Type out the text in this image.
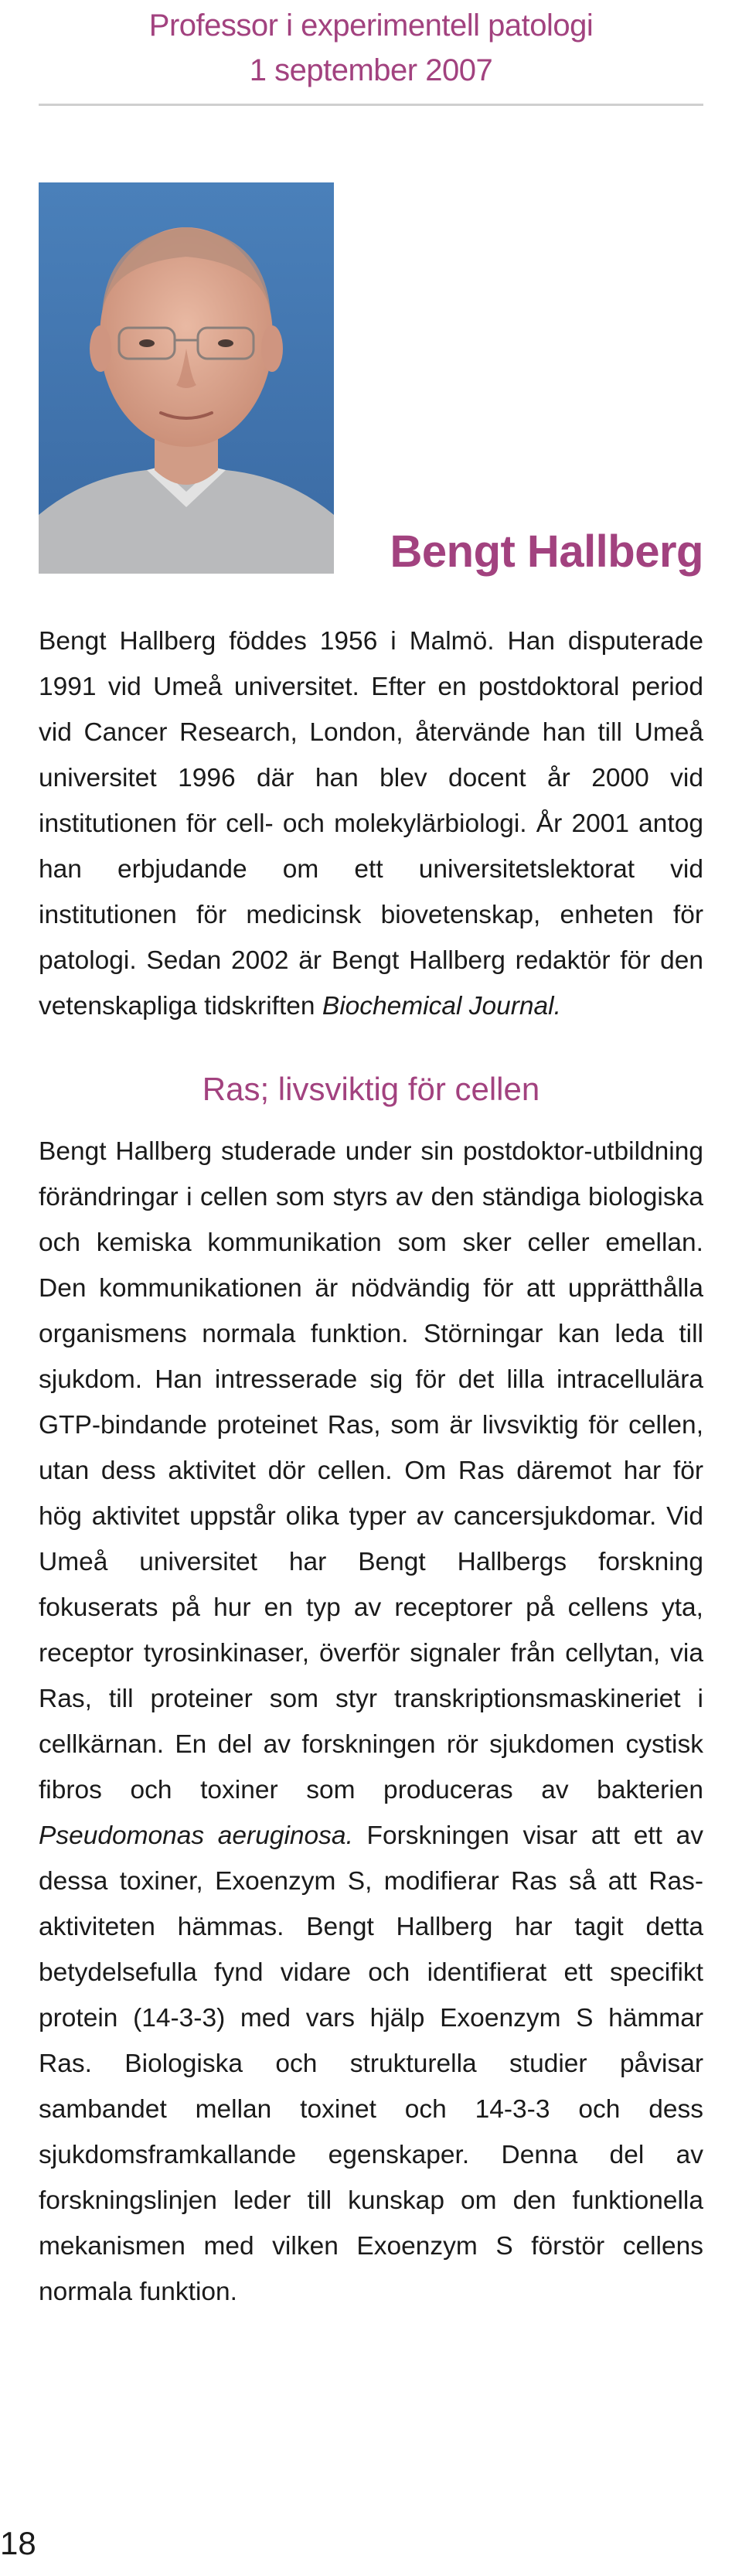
Professor i experimentell patologi
1 september 2007
Bengt Hallberg
Bengt Hallberg föddes 1956 i Malmö. Han disputerade 1991 vid Umeå universitet. Efter en postdoktoral period vid Cancer Research, London, återvände han till Umeå universitet 1996 där han blev docent år 2000 vid institutionen för cell- och molekylärbiologi. År 2001 antog han erbjudande om ett universitetslektorat vid institutionen för medicinsk biovetenskap, enheten för patologi. Sedan 2002 är Bengt Hallberg redaktör för den vetenskapliga tidskriften Biochemical Journal.
Ras; livsviktig för cellen
Bengt Hallberg studerade under sin postdoktor-utbildning förändringar i cellen som styrs av den ständiga biologiska och kemiska kommunikation som sker celler emellan. Den kommunikationen är nödvändig för att upprätthålla organismens normala funktion. Störningar kan leda till sjukdom. Han intresserade sig för det lilla intracellulära GTP-bindande proteinet Ras, som är livsviktig för cellen, utan dess aktivitet dör cellen. Om Ras däremot har för hög aktivitet uppstår olika typer av cancersjukdomar. Vid Umeå universitet har Bengt Hallbergs forskning fokuserats på hur en typ av receptorer på cellens yta, receptor tyrosinkinaser, överför signaler från cellytan, via Ras, till proteiner som styr transkriptionsmaskineriet i cellkärnan. En del av forskningen rör sjukdomen cystisk fibros och toxiner som produceras av bakterien Pseudomonas aeruginosa. Forskningen visar att ett av dessa toxiner, Exoenzym S, modifierar Ras så att Ras-aktiviteten hämmas. Bengt Hallberg har tagit detta betydelsefulla fynd vidare och identifierat ett specifikt protein (14-3-3) med vars hjälp Exoenzym S hämmar Ras. Biologiska och strukturella studier påvisar sambandet mellan toxinet och 14-3-3 och dess sjukdomsframkallande egenskaper. Denna del av forskningslinjen leder till kunskap om den funktionella mekanismen med vilken Exoenzym S förstör cellens normala funktion.
18
